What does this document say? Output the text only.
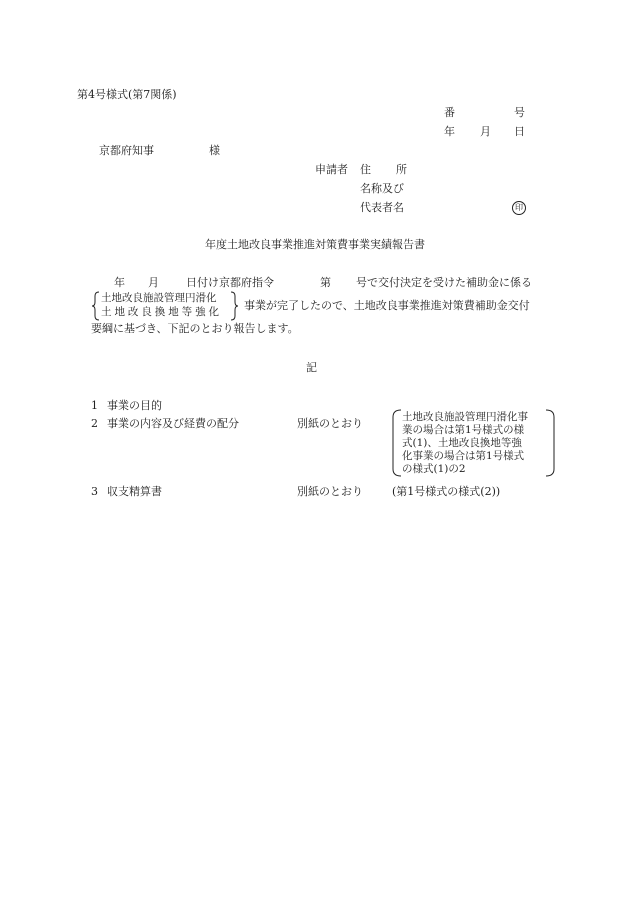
第4号様式(第7関係)
番	号
年 月 日
京都府知事	様
申請者 住 所
名称及び
代表者名	印
年度土地改良事業推進対策費事業実績報告書
年 月 日付け京都府指令	第 号で交付決定を受けた補助金に係る
土地改良施設管理円滑化
土 地 改 良 換 地 等 強 化 事業が完了したので、土地改良事業推進対策費補助金交付
要綱に基づき、下記のとおり報告します。
記
1 事業の目的
2 事業の内容及び経費の配分	別紙のとおり	土地改良施設管理円滑化事
業の場合は第1号様式の様
式(1)、土地改良換地等強
化事業の場合は第1号様式
の様式(1)の2
3 収支精算書	別紙のとおり	(第1号様式の様式(2))
